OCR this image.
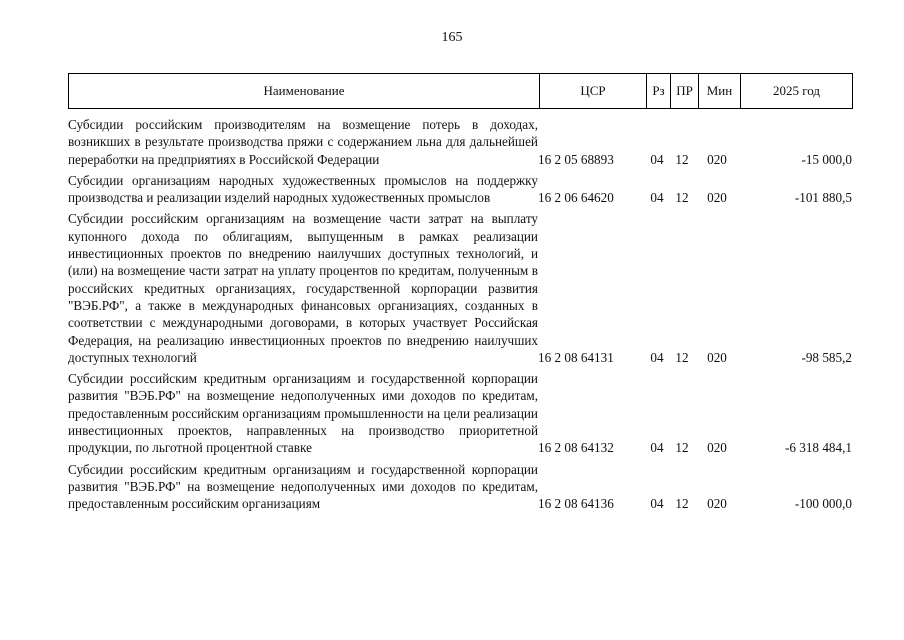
165
Наименование	ЦСР	Рз ПР	Мин	2025 год
Субсидии российским производителям на возмещение потерь в доходах, возникших в результате производства пряжи с содержанием льна для дальнейшей переработки на предприятиях в Российской Федерации	16 2 05 68893	04 12	020	-15 000,0
Субсидии организациям народных художественных промыслов на поддержку производства и реализации изделий народных художественных промыслов	16 2 06 64620	04 12	020	-101 880,5
Субсидии российским организациям на возмещение части затрат на выплату купонного дохода по облигациям, выпущенным в рамках реализации инвестиционных проектов по внедрению наилучших доступных технологий, и (или) на возмещение части затрат на уплату процентов по кредитам, полученным в российских кредитных организациях, государственной корпорации развития "ВЭБ.РФ", а также в международных финансовых организациях, созданных в соответствии с международными договорами, в которых участвует Российская Федерация, на реализацию инвестиционных проектов по внедрению наилучших доступных технологий	16 2 08 64131	04 12	020	-98 585,2
Субсидии российским кредитным организациям и государственной корпорации развития "ВЭБ.РФ" на возмещение недополученных ими доходов по кредитам, предоставленным российским организациям промышленности на цели реализации инвестиционных проектов, направленных на производство приоритетной продукции, по льготной процентной ставке	16 2 08 64132	04 12	020	-6 318 484,1
Субсидии российским кредитным организациям и государственной корпорации развития "ВЭБ.РФ" на возмещение недополученных ими доходов по кредитам, предоставленным российским организациям	16 2 08 64136	04 12	020	-100 000,0
